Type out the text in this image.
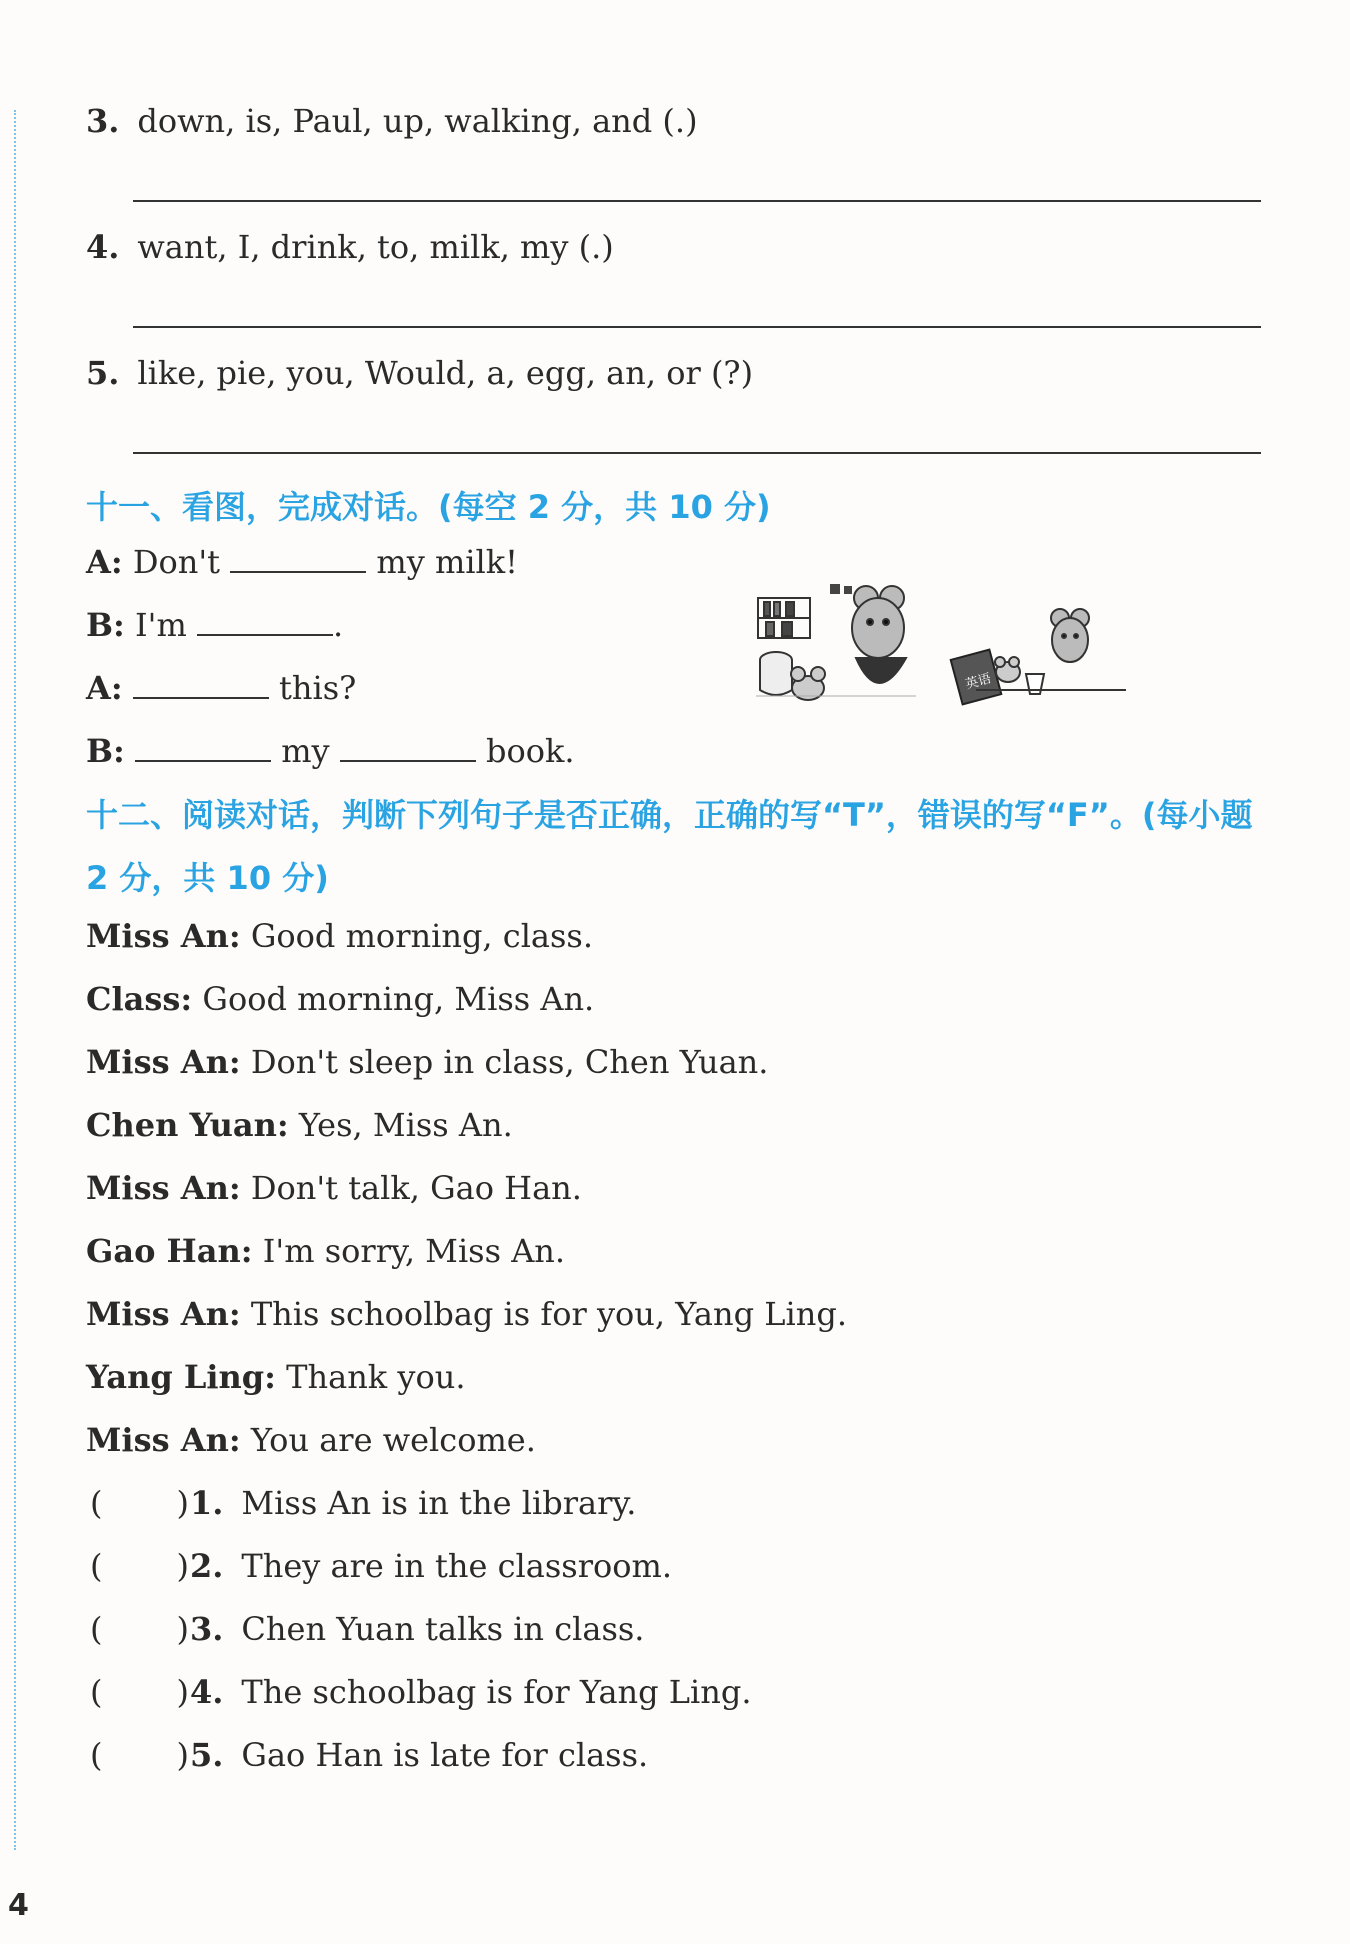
3. down, is, Paul, up, walking, and (.)
4. want, I, drink, to, milk, my (.)
5. like, pie, you, Would, a, egg, an, or (?)
十一、看图，完成对话。(每空 2 分，共 10 分)
A: Don't	my milk!
B: I'm	.
A:	this?
B:	my	book.
英语
十二、阅读对话，判断下列句子是否正确，正确的写“T”，错误的写“F”。(每小题
2 分，共 10 分)
Miss An: Good morning, class.
Class: Good morning, Miss An.
Miss An: Don't sleep in class, Chen Yuan.
Chen Yuan: Yes, Miss An.
Miss An: Don't talk, Gao Han.
Gao Han: I'm sorry, Miss An.
Miss An: This schoolbag is for you, Yang Ling.
Yang Ling: Thank you.
Miss An: You are welcome.
( )1. Miss An is in the library.
( )2. They are in the classroom.
( )3. Chen Yuan talks in class.
( )4. The schoolbag is for Yang Ling.
( )5. Gao Han is late for class.
4
